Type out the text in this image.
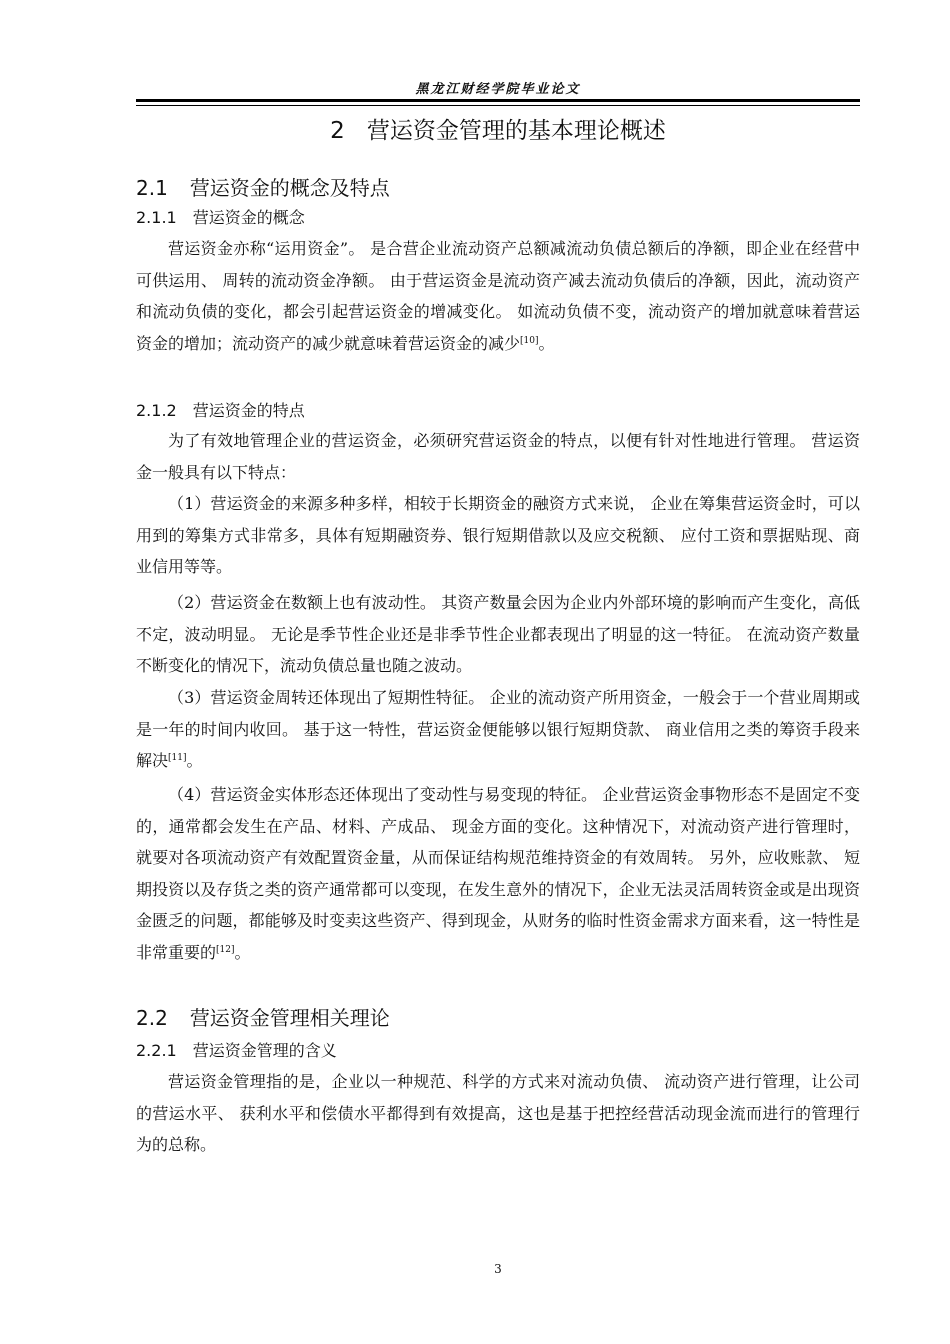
黑龙江财经学院毕业论文
2 营运资金管理的基本理论概述
2.1 营运资金的概念及特点
2.1.1 营运资金的概念

营运资金亦称“运用资金”。 是合营企业流动资产总额减流动负债总额后的净额，即企业在经营中可供运用、 周转的流动资金净额。 由于营运资金是流动资产减去流动负债后的净额，因此，流动资产和流动负债的变化，都会引起营运资金的增减变化。 如流动负债不变，流动资产的增加就意味着营运资金的增加；流动资产的减少就意味着营运资金的减少[10]。

2.1.2 营运资金的特点

为了有效地管理企业的营运资金，必须研究营运资金的特点，以便有针对性地进行管理。 营运资金一般具有以下特点：

（1）营运资金的来源多种多样，相较于长期资金的融资方式来说， 企业在筹集营运资金时，可以用到的筹集方式非常多，具体有短期融资券、银行短期借款以及应交税额、 应付工资和票据贴现、商业信用等等。

（2）营运资金在数额上也有波动性。 其资产数量会因为企业内外部环境的影响而产生变化，高低不定，波动明显。 无论是季节性企业还是非季节性企业都表现出了明显的这一特征。 在流动资产数量不断变化的情况下，流动负债总量也随之波动。

（3）营运资金周转还体现出了短期性特征。 企业的流动资产所用资金，一般会于一个营业周期或是一年的时间内收回。 基于这一特性，营运资金便能够以银行短期贷款、 商业信用之类的筹资手段来解决[11]。

（4）营运资金实体形态还体现出了变动性与易变现的特征。 企业营运资金事物形态不是固定不变的，通常都会发生在产品、材料、产成品、 现金方面的变化。这种情况下，对流动资产进行管理时，就要对各项流动资产有效配置资金量，从而保证结构规范维持资金的有效周转。 另外，应收账款、 短期投资以及存货之类的资产通常都可以变现，在发生意外的情况下，企业无法灵活周转资金或是出现资金匮乏的问题，都能够及时变卖这些资产、得到现金，从财务的临时性资金需求方面来看，这一特性是非常重要的[12]。

2.2 营运资金管理相关理论
2.2.1 营运资金管理的含义

营运资金管理指的是，企业以一种规范、科学的方式来对流动负债、 流动资产进行管理，让公司的营运水平、 获利水平和偿债水平都得到有效提高，这也是基于把控经营活动现金流而进行的管理行为的总称。

3
